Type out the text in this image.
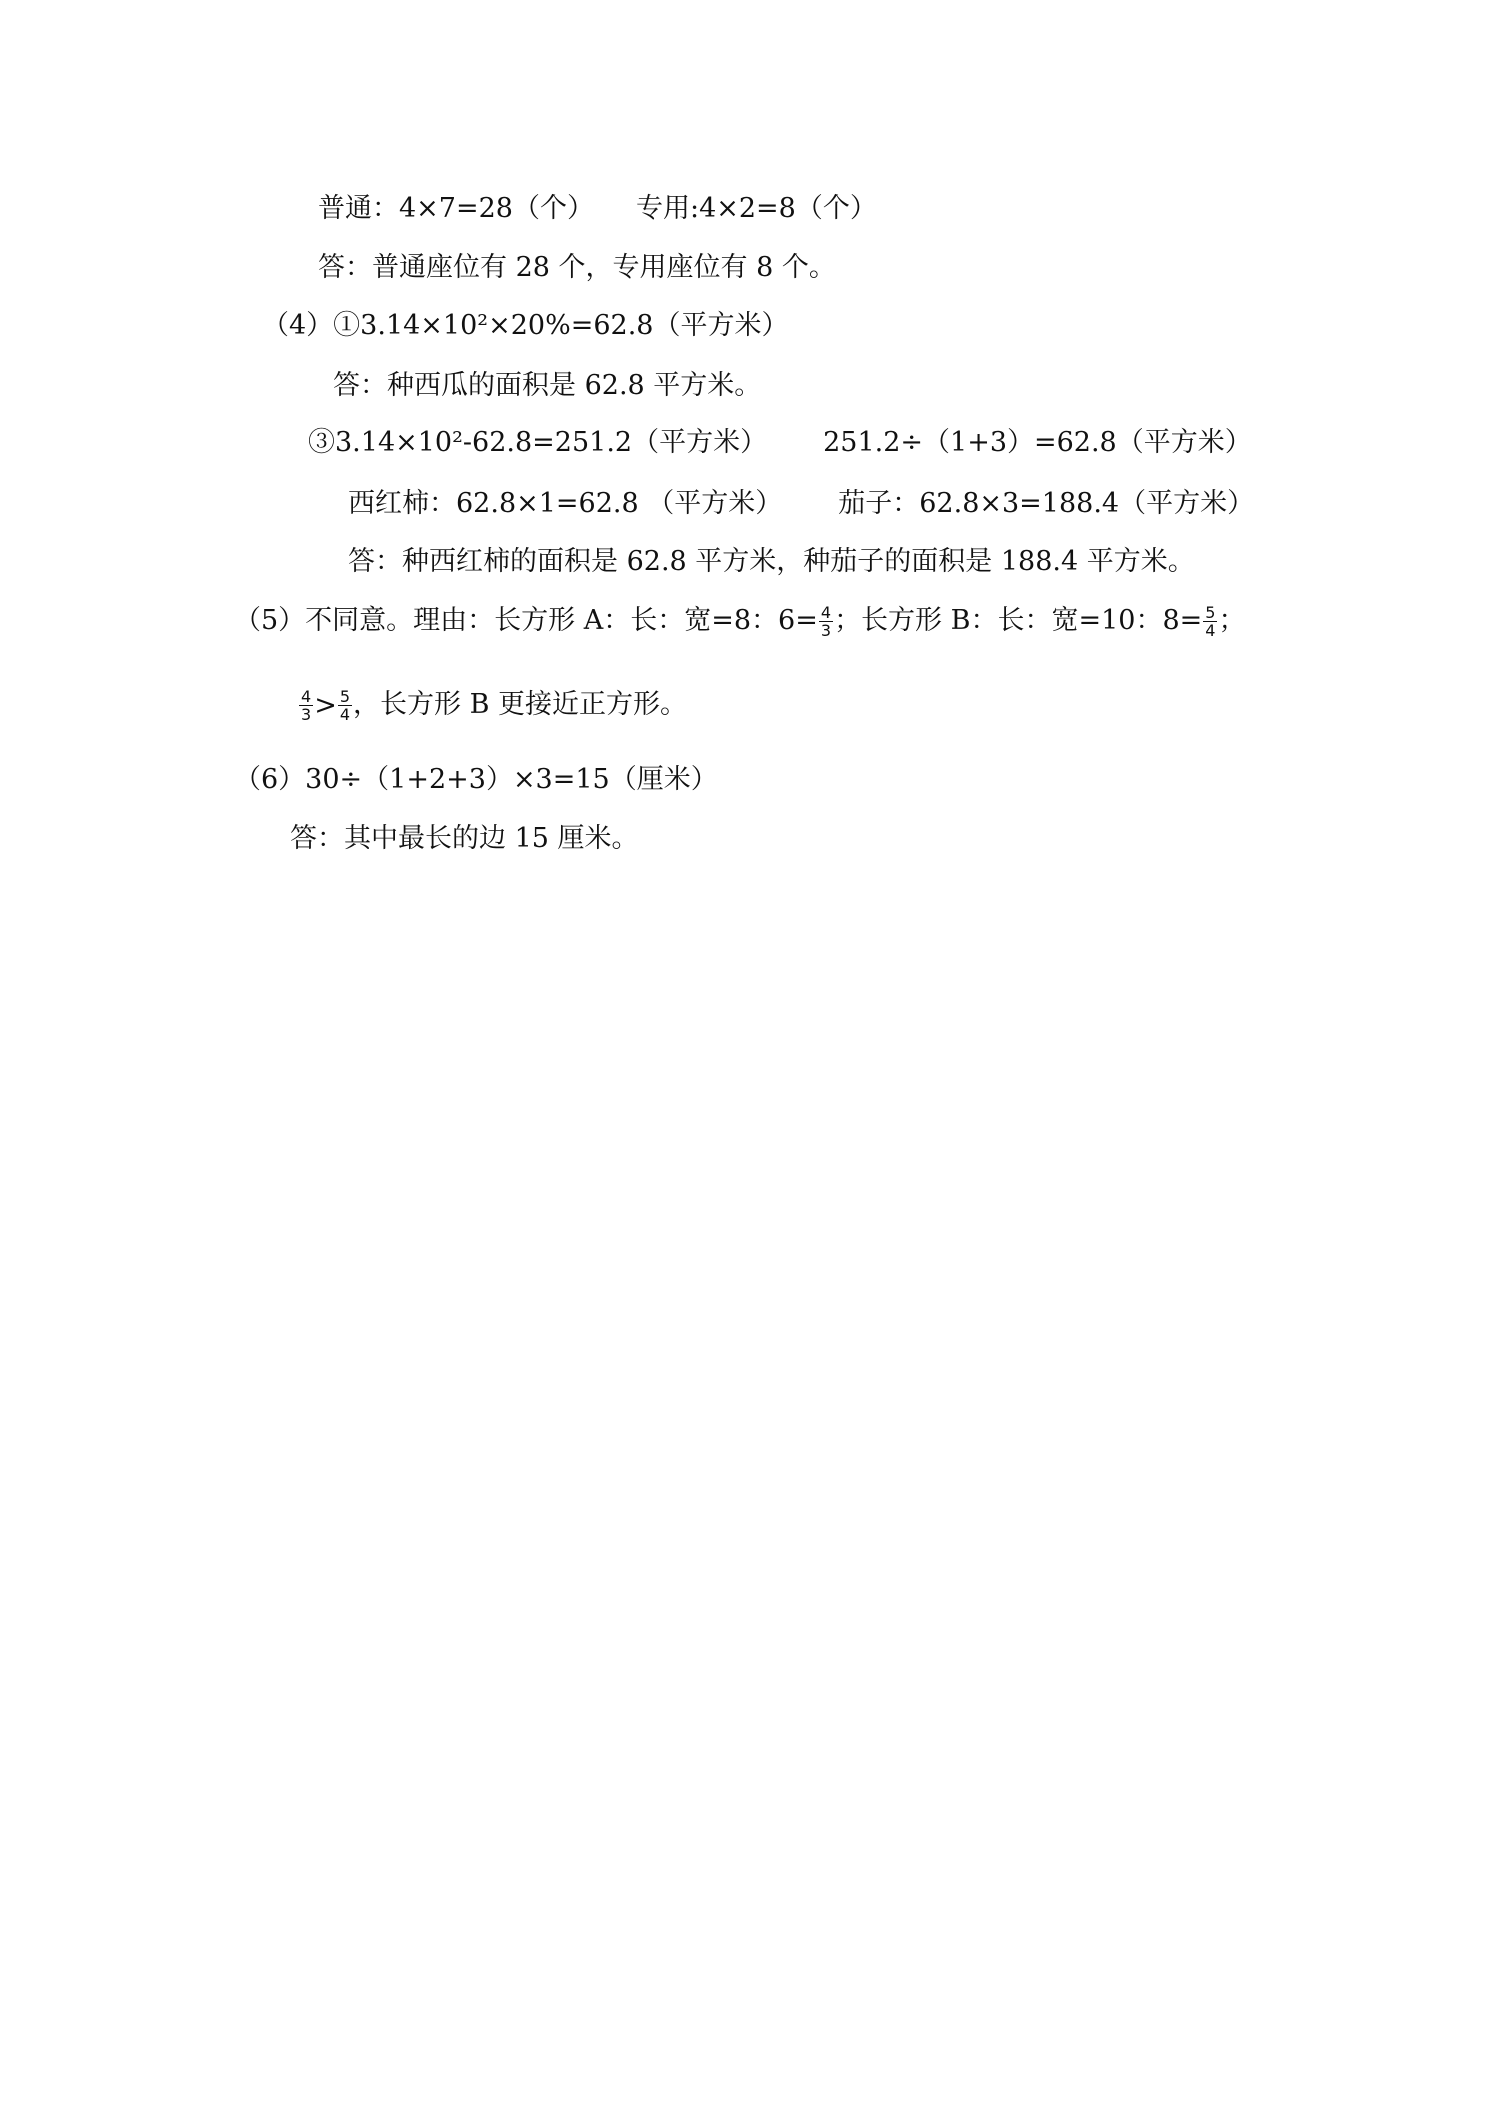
普通：4×7=28（个） 专用:4×2=8（个）
答：普通座位有 28 个，专用座位有 8 个。
（4）①3.14×10²×20%=62.8（平方米）
答：种西瓜的面积是 62.8 平方米。
③3.14×10²-62.8=251.2（平方米） 251.2÷（1+3）=62.8（平方米）
西红柿：62.8×1=62.8 （平方米） 茄子：62.8×3=188.4（平方米）
答：种西红柿的面积是 62.8 平方米，种茄子的面积是 188.4 平方米。
（5）不同意。理由：长方形 A：长：宽=8：$6= \frac{4}{3}$ ；长方形 B：长：宽=10：$8= \frac{5}{4}$ ；
$\frac{4}{3} > \frac{5}{4}$ ，长方形 B 更接近正方形。
（6）30÷（1+2+3）×3=15（厘米）
答：其中最长的边 15 厘米。
